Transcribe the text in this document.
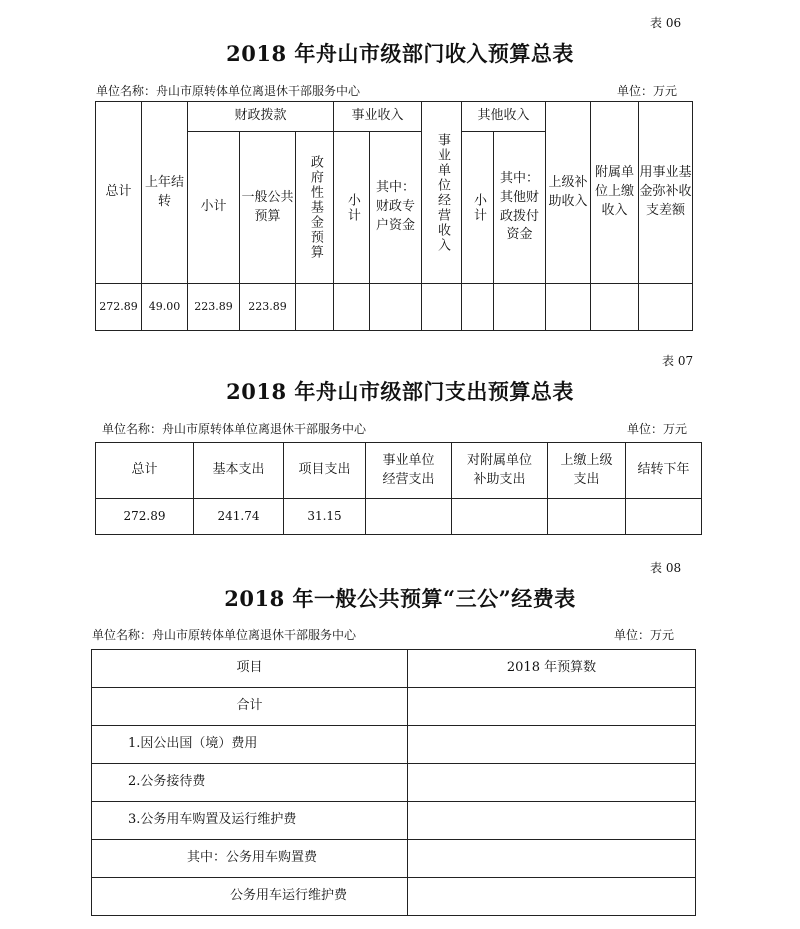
表 06
2018 年舟山市级部门收入预算总表
单位名称：舟山市原转体单位离退休干部服务中心	单位：万元
总计	上年结转	财政拨款			事业收入		事业单位经营收入	其他收入		上级补助收入	附属单位上缴收入	用事业基金弥补收支差额
		小计	一般公共预算	政府性基金预算	小计	其中：财政专户资金		小计	其中：其他财政拨付资金			

272.89	49.00	223.89	223.89									
表 07
2018 年舟山市级部门支出预算总表
单位名称：舟山市原转体单位离退休干部服务中心	单位：万元
总计	基本支出	项目支出	事业单位经营支出	对附属单位补助支出	上缴上级支出	结转下年
272.89	241.74	31.15				
表 08
2018 年一般公共预算“三公”经费表
单位名称：舟山市原转体单位离退休干部服务中心	单位：万元
项目	2018 年预算数
合计	
1.因公出国（境）费用	
2.公务接待费	
3.公务用车购置及运行维护费	
其中：公务用车购置费	
公务用车运行维护费	
